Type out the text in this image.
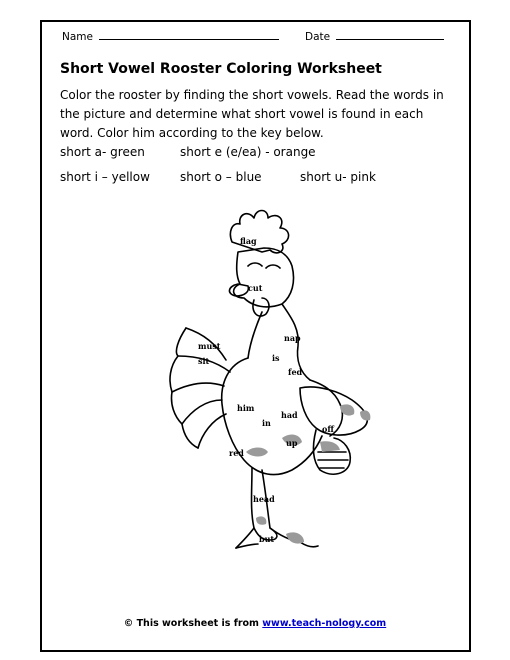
Name	Date
Short Vowel Rooster Coloring Worksheet
Color the rooster by finding the short vowels. Read the words in the picture and determine what short vowel is found in each word. Color him according to the key below.
short a- green	short e (e/ea) - orange
short i – yellow	short o – blue	short u- pink
flag
cut
nap
must
sit	is
fed
him
had
in
off
up
red
head
but
© This worksheet is from www.teach-nology.com
